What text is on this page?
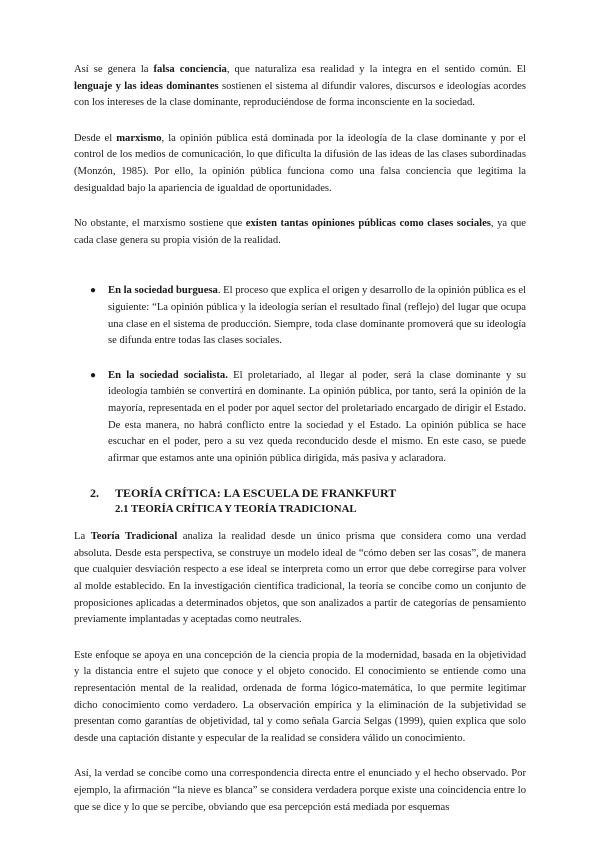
Así se genera la falsa conciencia, que naturaliza esa realidad y la integra en el sentido común. El lenguaje y las ideas dominantes sostienen el sistema al difundir valores, discursos e ideologías acordes con los intereses de la clase dominante, reproduciéndose de forma inconsciente en la sociedad.

Desde el marxismo, la opinión pública está dominada por la ideología de la clase dominante y por el control de los medios de comunicación, lo que dificulta la difusión de las ideas de las clases subordinadas (Monzón, 1985). Por ello, la opinión pública funciona como una falsa conciencia que legitima la desigualdad bajo la apariencia de igualdad de oportunidades.

No obstante, el marxismo sostiene que existen tantas opiniones públicas como clases sociales, ya que cada clase genera su propia visión de la realidad.

● En la sociedad burguesa. El proceso que explica el origen y desarrollo de la opinión pública es el siguiente: “La opinión pública y la ideología serían el resultado final (reflejo) del lugar que ocupa una clase en el sistema de producción. Siempre, toda clase dominante promoverá que su ideología se difunda entre todas las clases sociales.
● En la sociedad socialista. El proletariado, al llegar al poder, será la clase dominante y su ideología también se convertirá en dominante. La opinión pública, por tanto, será la opinión de la mayoría, representada en el poder por aquel sector del proletariado encargado de dirigir el Estado. De esta manera, no habrá conflicto entre la sociedad y el Estado. La opinión pública se hace escuchar en el poder, pero a su vez queda reconducido desde el mismo. En este caso, se puede afirmar que estamos ante una opinión pública dirigida, más pasiva y aclaradora.
2. TEORÍA CRÍTICA: LA ESCUELA DE FRANKFURT
2.1 TEORÍA CRÍTICA Y TEORÍA TRADICIONAL

La Teoría Tradicional analiza la realidad desde un único prisma que considera como una verdad absoluta. Desde esta perspectiva, se construye un modelo ideal de “cómo deben ser las cosas”, de manera que cualquier desviación respecto a ese ideal se interpreta como un error que debe corregirse para volver al molde establecido. En la investigación científica tradicional, la teoría se concibe como un conjunto de proposiciones aplicadas a determinados objetos, que son analizados a partir de categorías de pensamiento previamente implantadas y aceptadas como neutrales.

Este enfoque se apoya en una concepción de la ciencia propia de la modernidad, basada en la objetividad y la distancia entre el sujeto que conoce y el objeto conocido. El conocimiento se entiende como una representación mental de la realidad, ordenada de forma lógico-matemática, lo que permite legitimar dicho conocimiento como verdadero. La observación empírica y la eliminación de la subjetividad se presentan como garantías de objetividad, tal y como señala García Selgas (1999), quien explica que solo desde una captación distante y especular de la realidad se considera válido un conocimiento.

Así, la verdad se concibe como una correspondencia directa entre el enunciado y el hecho observado. Por ejemplo, la afirmación “la nieve es blanca” se considera verdadera porque existe una coincidencia entre lo que se dice y lo que se percibe, obviando que esa percepción está mediada por esquemas
